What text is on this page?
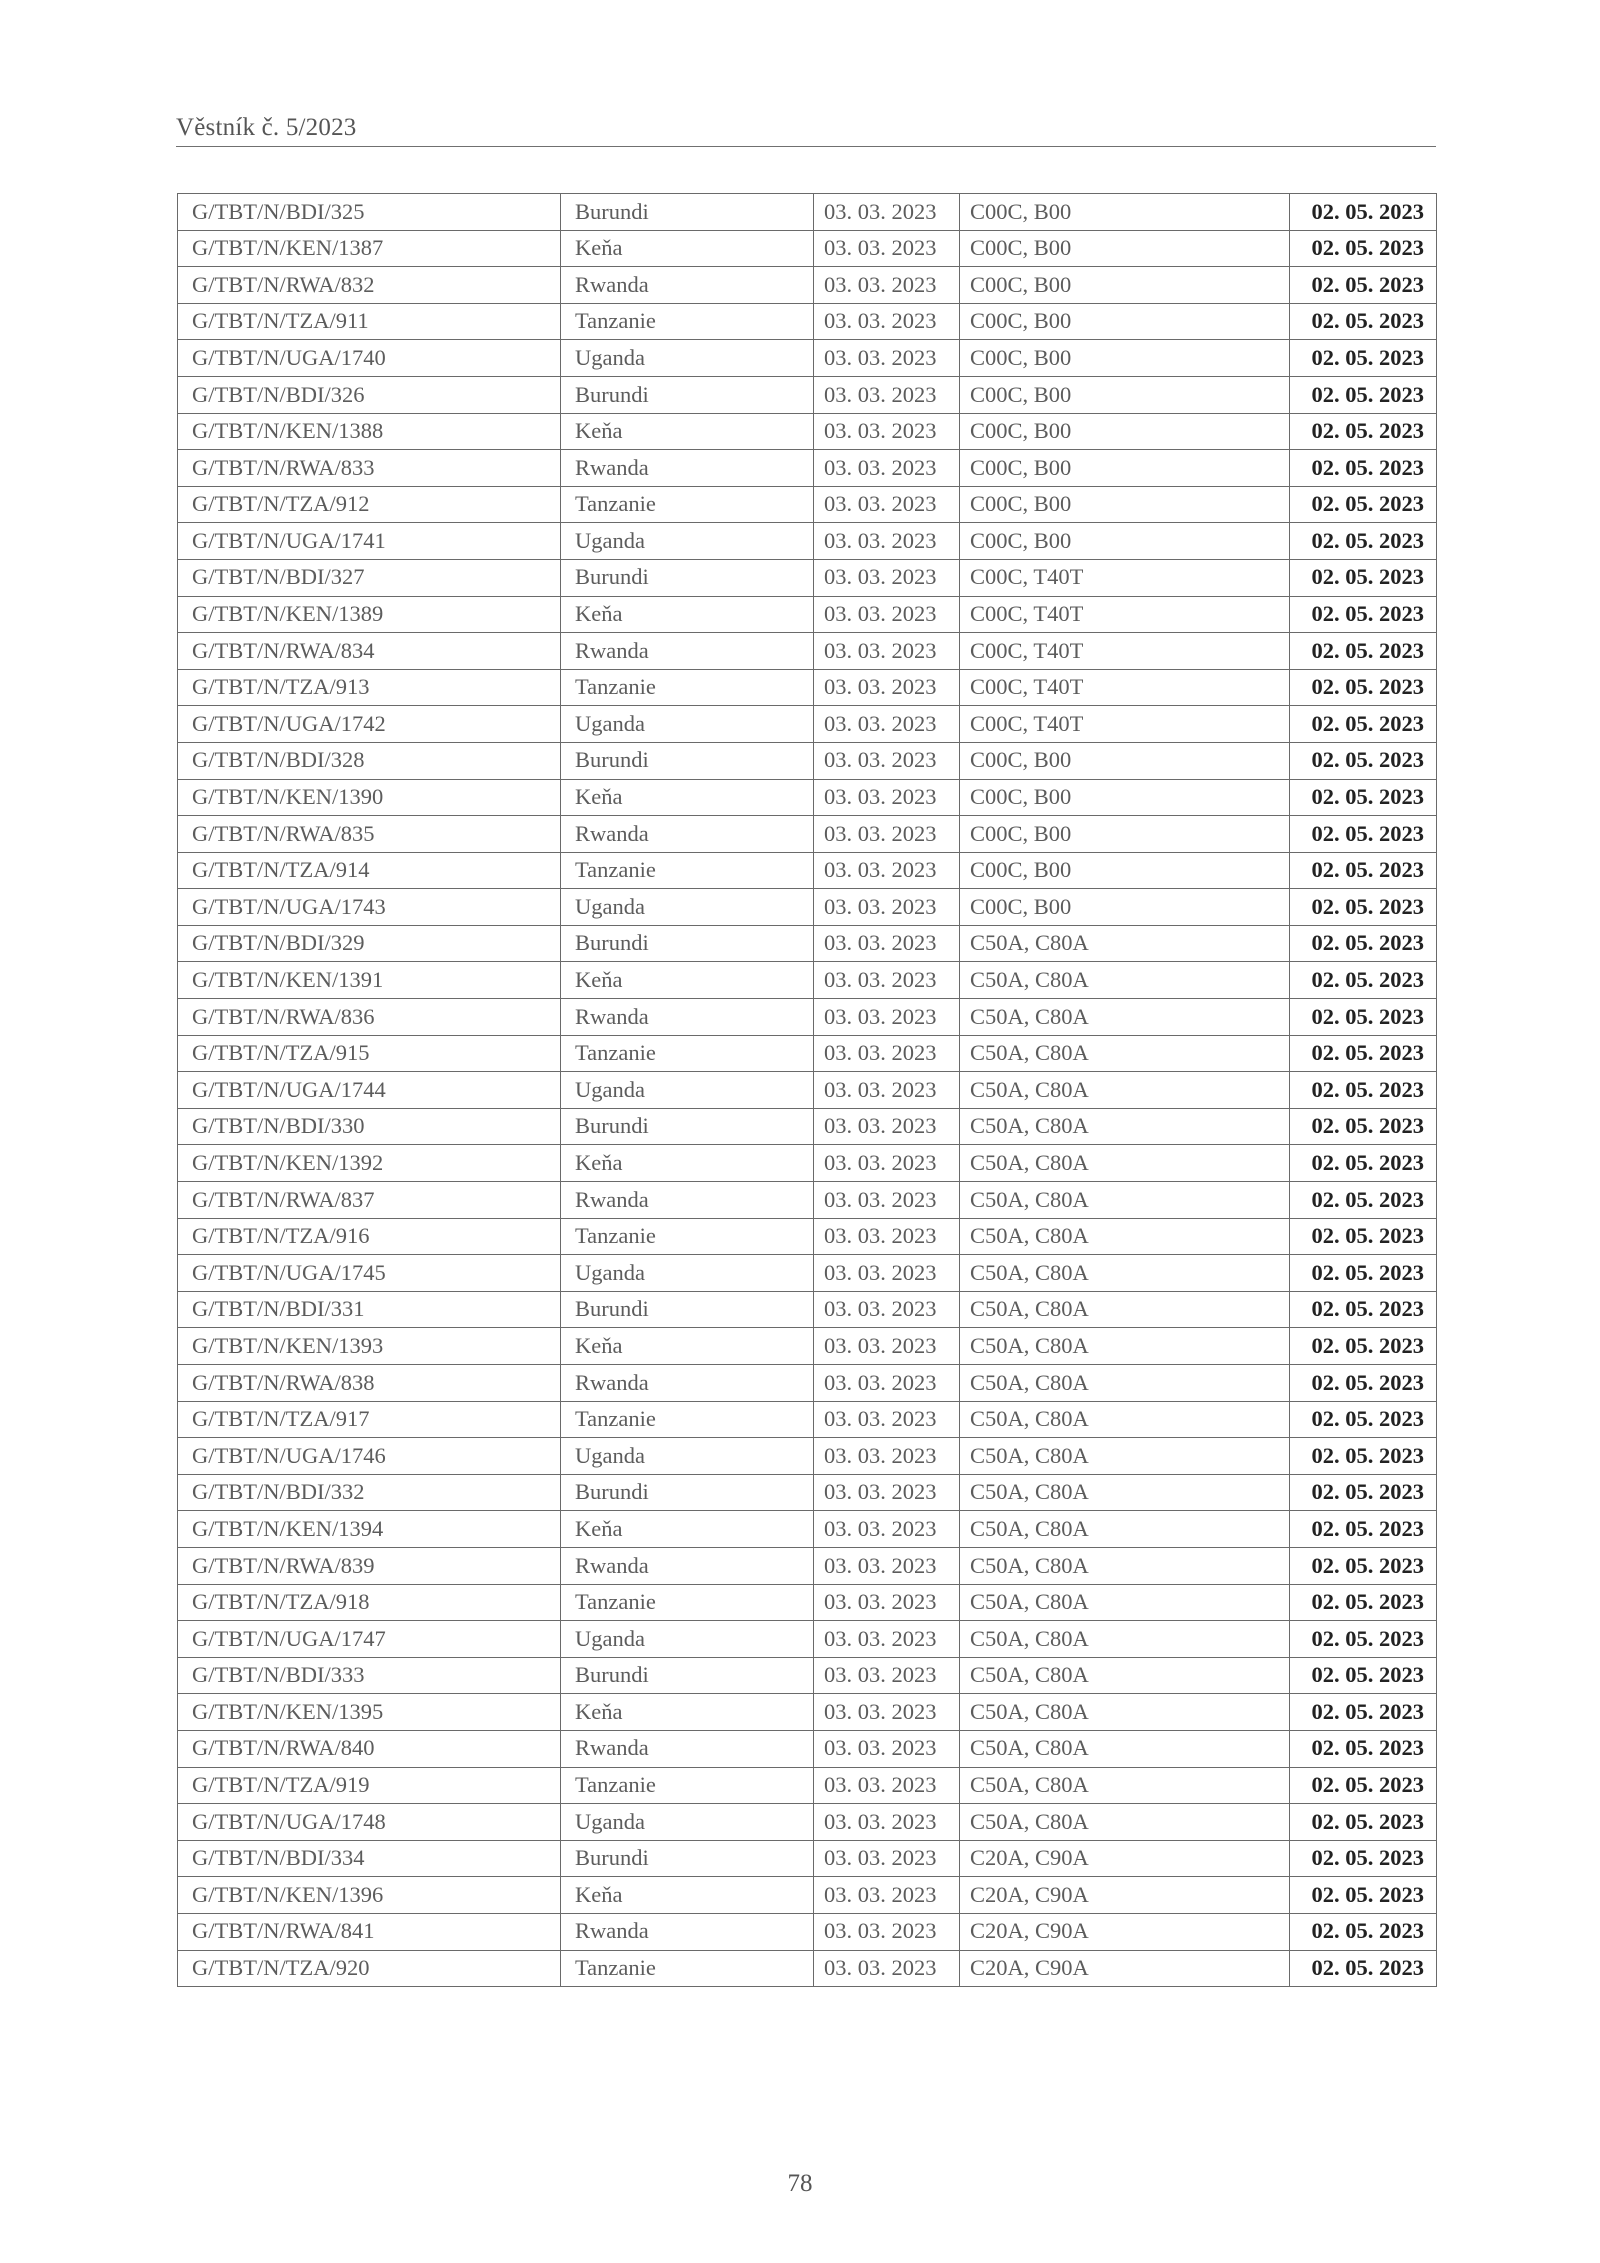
Věstník č. 5/2023
G/TBT/N/BDI/325	Burundi	03. 03. 2023	C00C, B00	02. 05. 2023
G/TBT/N/KEN/1387	Keňa	03. 03. 2023	C00C, B00	02. 05. 2023
G/TBT/N/RWA/832	Rwanda	03. 03. 2023	C00C, B00	02. 05. 2023
G/TBT/N/TZA/911	Tanzanie	03. 03. 2023	C00C, B00	02. 05. 2023
G/TBT/N/UGA/1740	Uganda	03. 03. 2023	C00C, B00	02. 05. 2023
G/TBT/N/BDI/326	Burundi	03. 03. 2023	C00C, B00	02. 05. 2023
G/TBT/N/KEN/1388	Keňa	03. 03. 2023	C00C, B00	02. 05. 2023
G/TBT/N/RWA/833	Rwanda	03. 03. 2023	C00C, B00	02. 05. 2023
G/TBT/N/TZA/912	Tanzanie	03. 03. 2023	C00C, B00	02. 05. 2023
G/TBT/N/UGA/1741	Uganda	03. 03. 2023	C00C, B00	02. 05. 2023
G/TBT/N/BDI/327	Burundi	03. 03. 2023	C00C, T40T	02. 05. 2023
G/TBT/N/KEN/1389	Keňa	03. 03. 2023	C00C, T40T	02. 05. 2023
G/TBT/N/RWA/834	Rwanda	03. 03. 2023	C00C, T40T	02. 05. 2023
G/TBT/N/TZA/913	Tanzanie	03. 03. 2023	C00C, T40T	02. 05. 2023
G/TBT/N/UGA/1742	Uganda	03. 03. 2023	C00C, T40T	02. 05. 2023
G/TBT/N/BDI/328	Burundi	03. 03. 2023	C00C, B00	02. 05. 2023
G/TBT/N/KEN/1390	Keňa	03. 03. 2023	C00C, B00	02. 05. 2023
G/TBT/N/RWA/835	Rwanda	03. 03. 2023	C00C, B00	02. 05. 2023
G/TBT/N/TZA/914	Tanzanie	03. 03. 2023	C00C, B00	02. 05. 2023
G/TBT/N/UGA/1743	Uganda	03. 03. 2023	C00C, B00	02. 05. 2023
G/TBT/N/BDI/329	Burundi	03. 03. 2023	C50A, C80A	02. 05. 2023
G/TBT/N/KEN/1391	Keňa	03. 03. 2023	C50A, C80A	02. 05. 2023
G/TBT/N/RWA/836	Rwanda	03. 03. 2023	C50A, C80A	02. 05. 2023
G/TBT/N/TZA/915	Tanzanie	03. 03. 2023	C50A, C80A	02. 05. 2023
G/TBT/N/UGA/1744	Uganda	03. 03. 2023	C50A, C80A	02. 05. 2023
G/TBT/N/BDI/330	Burundi	03. 03. 2023	C50A, C80A	02. 05. 2023
G/TBT/N/KEN/1392	Keňa	03. 03. 2023	C50A, C80A	02. 05. 2023
G/TBT/N/RWA/837	Rwanda	03. 03. 2023	C50A, C80A	02. 05. 2023
G/TBT/N/TZA/916	Tanzanie	03. 03. 2023	C50A, C80A	02. 05. 2023
G/TBT/N/UGA/1745	Uganda	03. 03. 2023	C50A, C80A	02. 05. 2023
G/TBT/N/BDI/331	Burundi	03. 03. 2023	C50A, C80A	02. 05. 2023
G/TBT/N/KEN/1393	Keňa	03. 03. 2023	C50A, C80A	02. 05. 2023
G/TBT/N/RWA/838	Rwanda	03. 03. 2023	C50A, C80A	02. 05. 2023
G/TBT/N/TZA/917	Tanzanie	03. 03. 2023	C50A, C80A	02. 05. 2023
G/TBT/N/UGA/1746	Uganda	03. 03. 2023	C50A, C80A	02. 05. 2023
G/TBT/N/BDI/332	Burundi	03. 03. 2023	C50A, C80A	02. 05. 2023
G/TBT/N/KEN/1394	Keňa	03. 03. 2023	C50A, C80A	02. 05. 2023
G/TBT/N/RWA/839	Rwanda	03. 03. 2023	C50A, C80A	02. 05. 2023
G/TBT/N/TZA/918	Tanzanie	03. 03. 2023	C50A, C80A	02. 05. 2023
G/TBT/N/UGA/1747	Uganda	03. 03. 2023	C50A, C80A	02. 05. 2023
G/TBT/N/BDI/333	Burundi	03. 03. 2023	C50A, C80A	02. 05. 2023
G/TBT/N/KEN/1395	Keňa	03. 03. 2023	C50A, C80A	02. 05. 2023
G/TBT/N/RWA/840	Rwanda	03. 03. 2023	C50A, C80A	02. 05. 2023
G/TBT/N/TZA/919	Tanzanie	03. 03. 2023	C50A, C80A	02. 05. 2023
G/TBT/N/UGA/1748	Uganda	03. 03. 2023	C50A, C80A	02. 05. 2023
G/TBT/N/BDI/334	Burundi	03. 03. 2023	C20A, C90A	02. 05. 2023
G/TBT/N/KEN/1396	Keňa	03. 03. 2023	C20A, C90A	02. 05. 2023
G/TBT/N/RWA/841	Rwanda	03. 03. 2023	C20A, C90A	02. 05. 2023
G/TBT/N/TZA/920	Tanzanie	03. 03. 2023	C20A, C90A	02. 05. 2023
78
